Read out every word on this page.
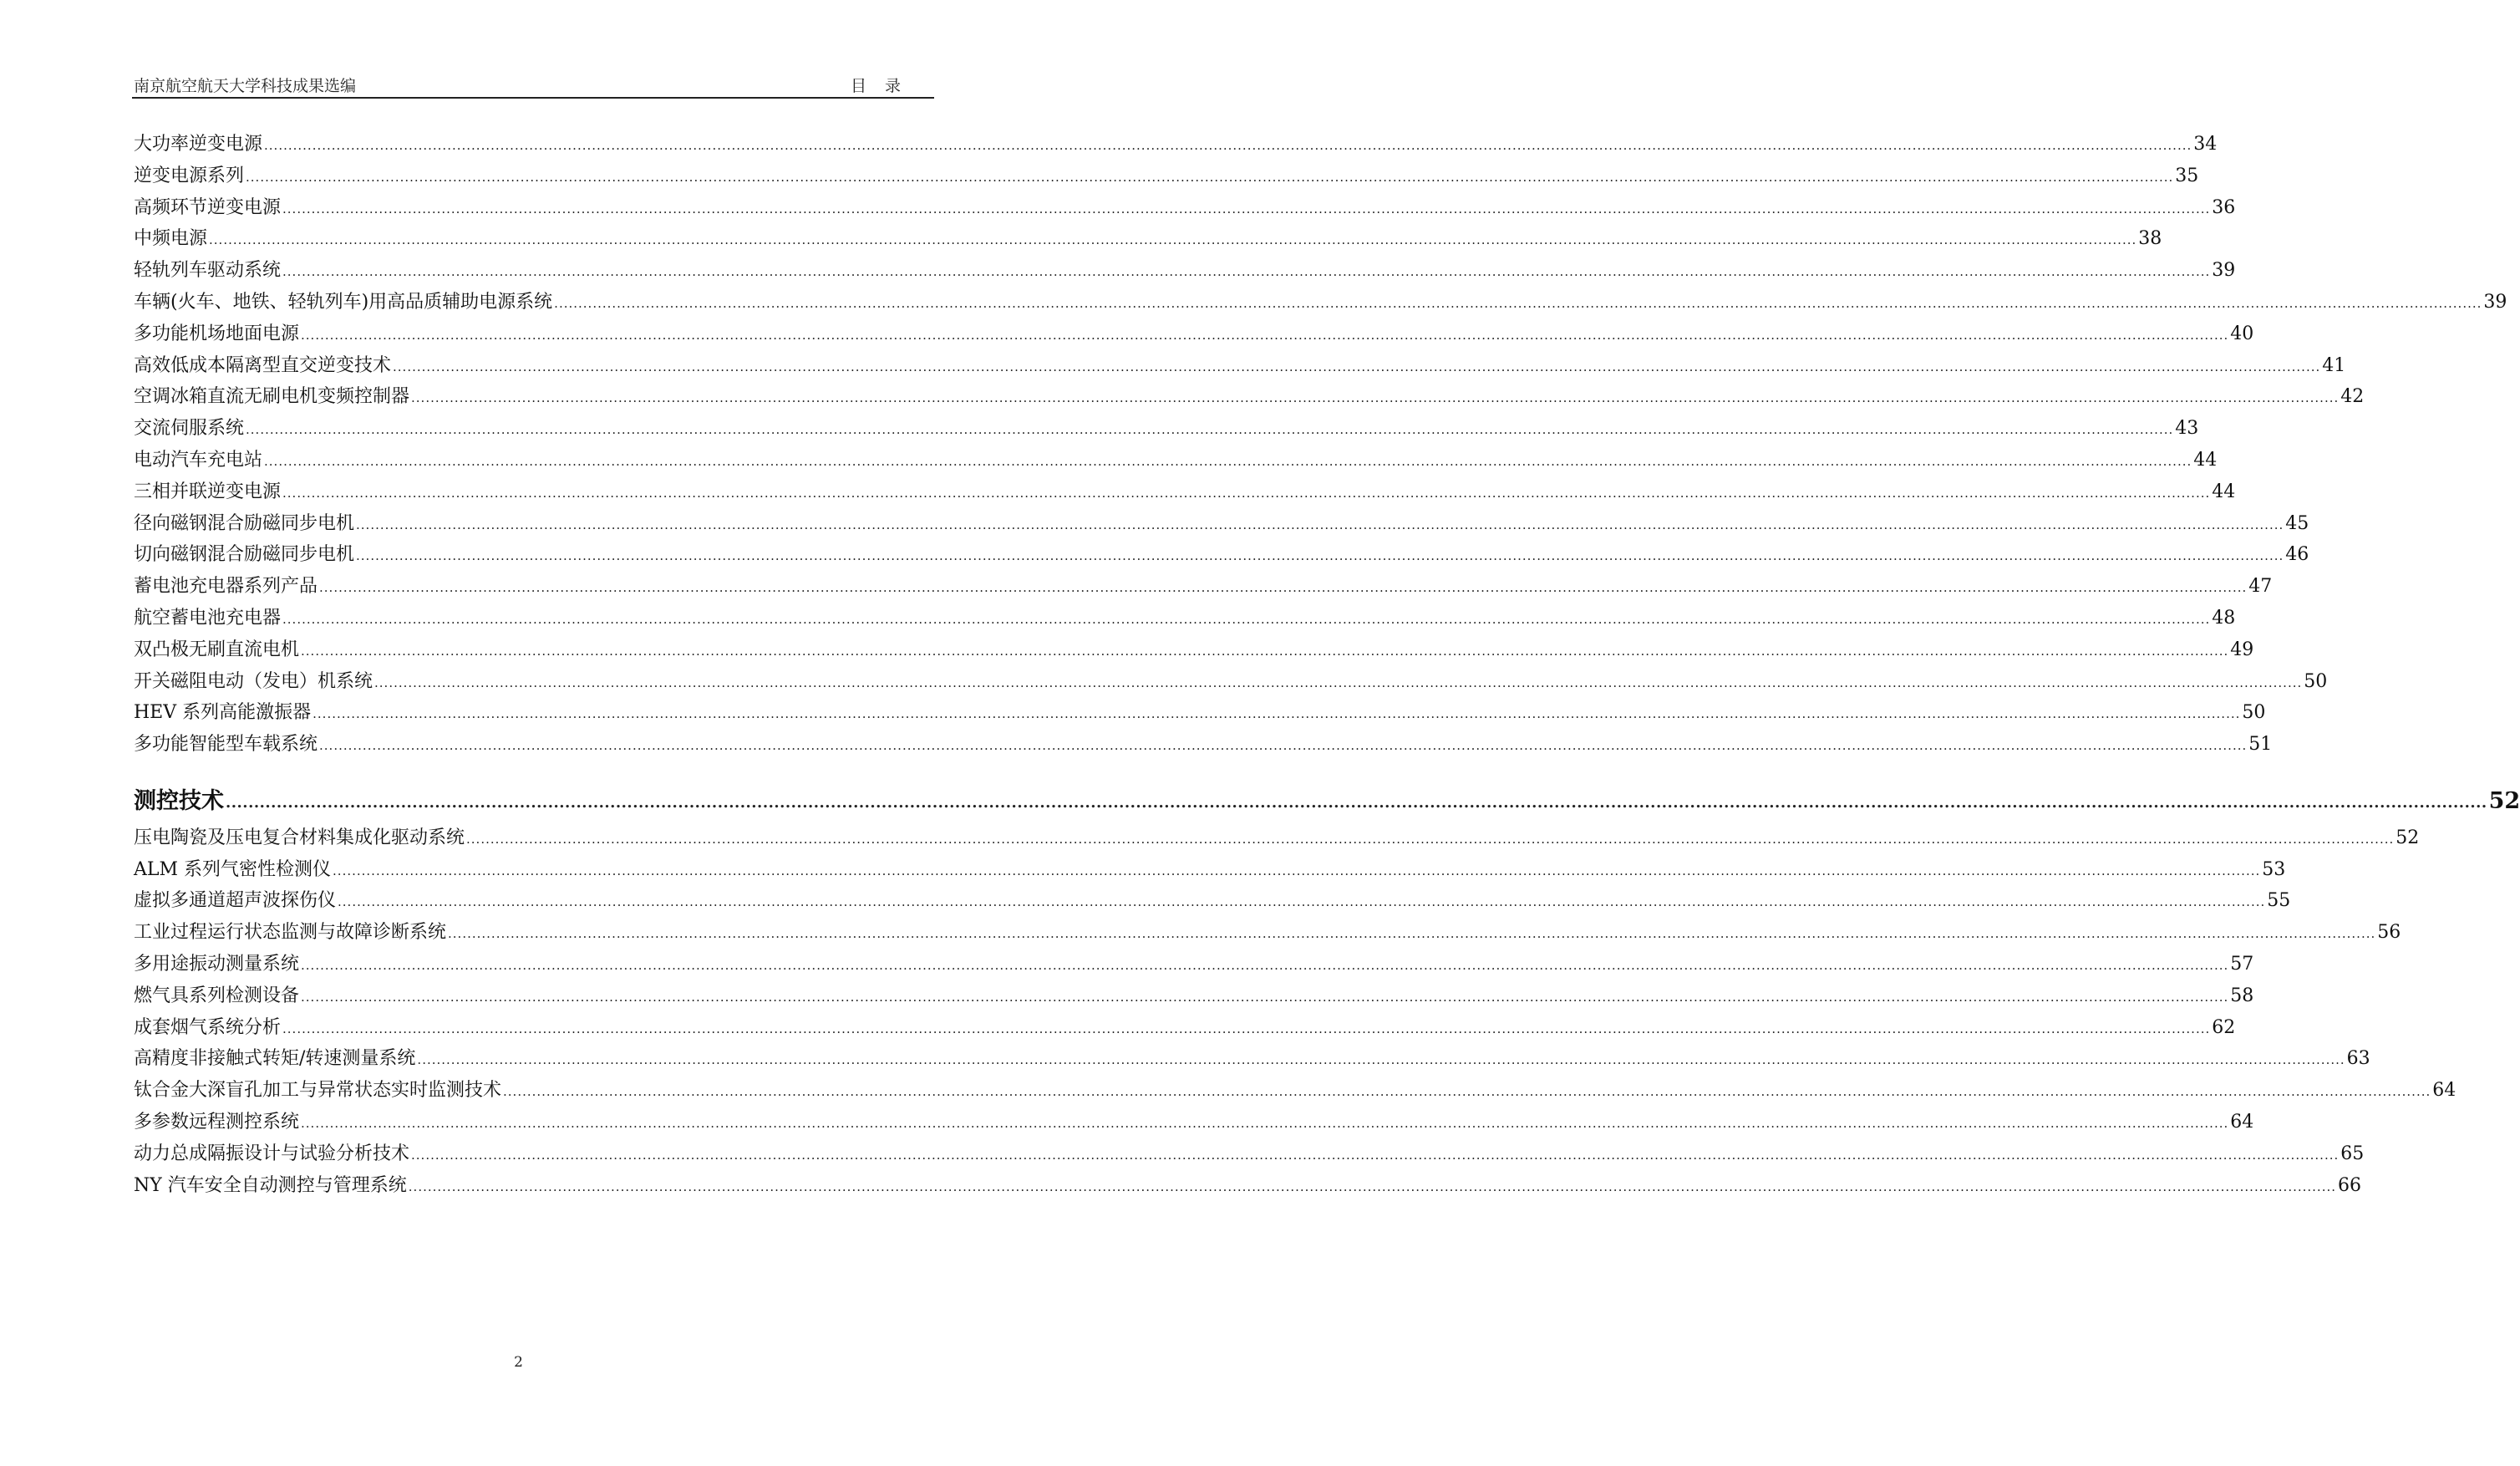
南京航空航天大学科技成果选编	目录
大功率逆变电源 ................................................................................................................................................................................................................................................................................................................................................................................................................ 34
逆变电源系列 ................................................................................................................................................................................................................................................................................................................................................................................................................ 35
高频环节逆变电源 ................................................................................................................................................................................................................................................................................................................................................................................................................ 36
中频电源 ................................................................................................................................................................................................................................................................................................................................................................................................................ 38
轻轨列车驱动系统 ................................................................................................................................................................................................................................................................................................................................................................................................................ 39
车辆(火车、地铁、轻轨列车)用高品质辅助电源系统 ................................................................................................................................................................................................................................................................................................................................................................................................................ 39
多功能机场地面电源 ................................................................................................................................................................................................................................................................................................................................................................................................................ 40
高效低成本隔离型直交逆变技术 ................................................................................................................................................................................................................................................................................................................................................................................................................ 41
空调冰箱直流无刷电机变频控制器 ................................................................................................................................................................................................................................................................................................................................................................................................................ 42
交流伺服系统 ................................................................................................................................................................................................................................................................................................................................................................................................................ 43
电动汽车充电站 ................................................................................................................................................................................................................................................................................................................................................................................................................ 44
三相并联逆变电源 ................................................................................................................................................................................................................................................................................................................................................................................................................ 44
径向磁钢混合励磁同步电机 ................................................................................................................................................................................................................................................................................................................................................................................................................ 45
切向磁钢混合励磁同步电机 ................................................................................................................................................................................................................................................................................................................................................................................................................ 46
蓄电池充电器系列产品 ................................................................................................................................................................................................................................................................................................................................................................................................................ 47
航空蓄电池充电器 ................................................................................................................................................................................................................................................................................................................................................................................................................ 48
双凸极无刷直流电机 ................................................................................................................................................................................................................................................................................................................................................................................................................ 49
开关磁阻电动（发电）机系统 ................................................................................................................................................................................................................................................................................................................................................................................................................ 50
HEV 系列高能激振器 ................................................................................................................................................................................................................................................................................................................................................................................................................ 50
多功能智能型车载系统 ................................................................................................................................................................................................................................................................................................................................................................................................................ 51
测控技术 ................................................................................................................................................................................................................................................................................................................................................................................................................ 52
压电陶瓷及压电复合材料集成化驱动系统 ................................................................................................................................................................................................................................................................................................................................................................................................................ 52
ALM 系列气密性检测仪 ................................................................................................................................................................................................................................................................................................................................................................................................................ 53
虚拟多通道超声波探伤仪 ................................................................................................................................................................................................................................................................................................................................................................................................................ 55
工业过程运行状态监测与故障诊断系统 ................................................................................................................................................................................................................................................................................................................................................................................................................ 56
多用途振动测量系统 ................................................................................................................................................................................................................................................................................................................................................................................................................ 57
燃气具系列检测设备 ................................................................................................................................................................................................................................................................................................................................................................................................................ 58
成套烟气系统分析 ................................................................................................................................................................................................................................................................................................................................................................................................................ 62
高精度非接触式转矩/转速测量系统 ................................................................................................................................................................................................................................................................................................................................................................................................................ 63
钛合金大深盲孔加工与异常状态实时监测技术 ................................................................................................................................................................................................................................................................................................................................................................................................................ 64
多参数远程测控系统 ................................................................................................................................................................................................................................................................................................................................................................................................................ 64
动力总成隔振设计与试验分析技术 ................................................................................................................................................................................................................................................................................................................................................................................................................ 65
NY 汽车安全自动测控与管理系统 ................................................................................................................................................................................................................................................................................................................................................................................................................ 66
2
